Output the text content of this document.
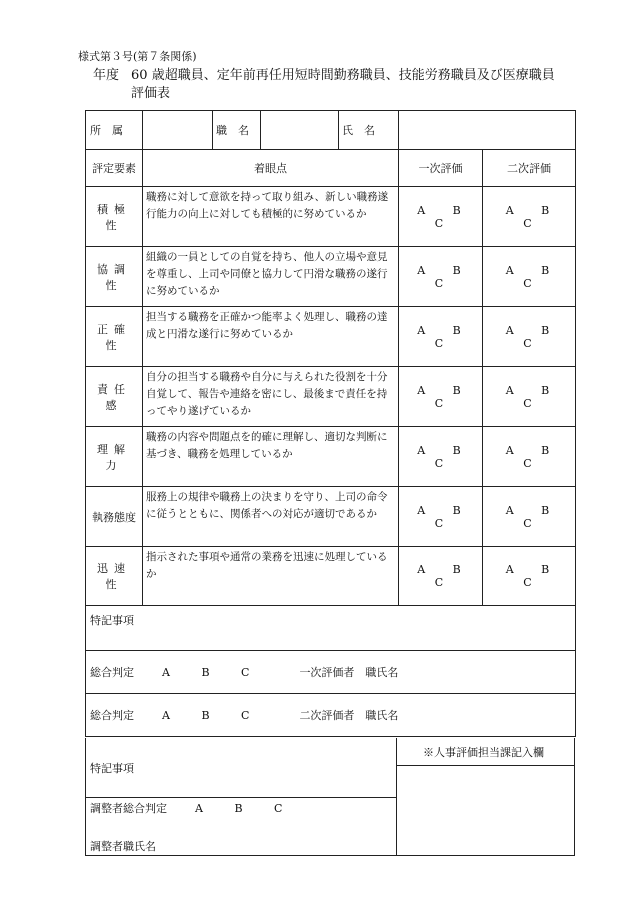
様式第３号(第７条関係)
年度 60 歳超職員、定年前再任用短時間勤務職員、技能労務職員及び医療職員
評価表
所　属		職　名		氏　名		
評定要素	着眼点				一次評価	二次評価
積極性	職務に対して意欲を持って取り組み、新しい職務遂行能力の向上に対しても積極的に努めているか				A B C	A B C
協調性	組織の一員としての自覚を持ち、他人の立場や意見を尊重し、上司や同僚と協力して円滑な職務の遂行に努めているか				A B C	A B C
正確性	担当する職務を正確かつ能率よく処理し、職務の達成と円滑な遂行に努めているか				A B C	A B C
責任感	自分の担当する職務や自分に与えられた役割を十分自覚して、報告や連絡を密にし、最後まで責任を持ってやり遂げているか				A B C	A B C
理解力	職務の内容や問題点を的確に理解し、適切な判断に基づき、職務を処理しているか				A B C	A B C
執務態度	服務上の規律や職務上の決まりを守り、上司の命令に従うとともに、関係者への対応が適切であるか				A B C	A B C
迅速性	指示された事項や通常の業務を迅速に処理しているか				A B C	A B C
特記事項						
総合判定 A B C 一次評価者　職氏名						
総合判定 A B C 二次評価者　職氏名						
※人事評価担当課記入欄
特記事項
調整者総合判定	A B C
調整者職氏名
